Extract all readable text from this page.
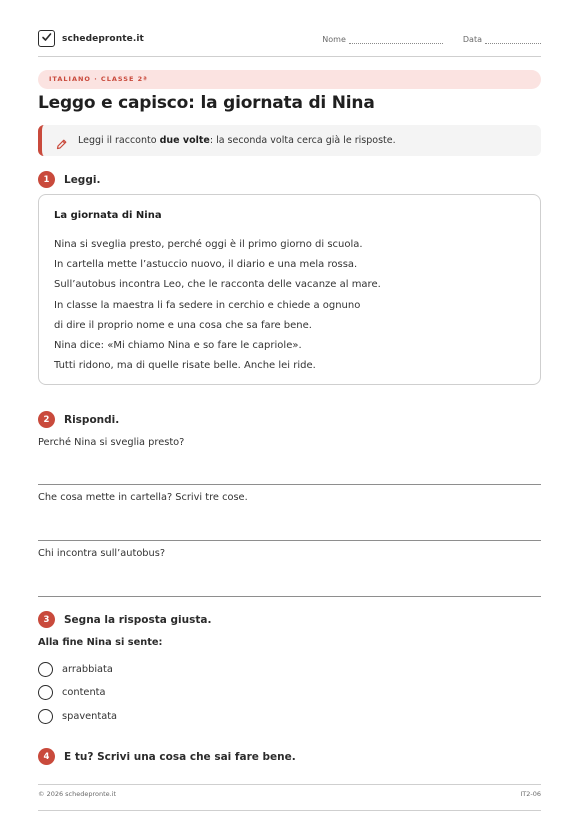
schedepronte.it	Nome	Data
ITALIANO · CLASSE 2ª
Leggo e capisco: la giornata di Nina
Leggi il racconto due volte: la seconda volta cerca già le risposte.
1	Leggi.
La giornata di Nina
Nina si sveglia presto, perché oggi è il primo giorno di scuola.
In cartella mette l’astuccio nuovo, il diario e una mela rossa.
Sull’autobus incontra Leo, che le racconta delle vacanze al mare.
In classe la maestra li fa sedere in cerchio e chiede a ognuno
di dire il proprio nome e una cosa che sa fare bene.
Nina dice: «Mi chiamo Nina e so fare le capriole».
Tutti ridono, ma di quelle risate belle. Anche lei ride.
2	Rispondi.
Perché Nina si sveglia presto?
Che cosa mette in cartella? Scrivi tre cose.
Chi incontra sull’autobus?
3	Segna la risposta giusta.
Alla fine Nina si sente:
arrabbiata
contenta
spaventata
4	E tu? Scrivi una cosa che sai fare bene.
© 2026 schedepronte.it	IT2-06
